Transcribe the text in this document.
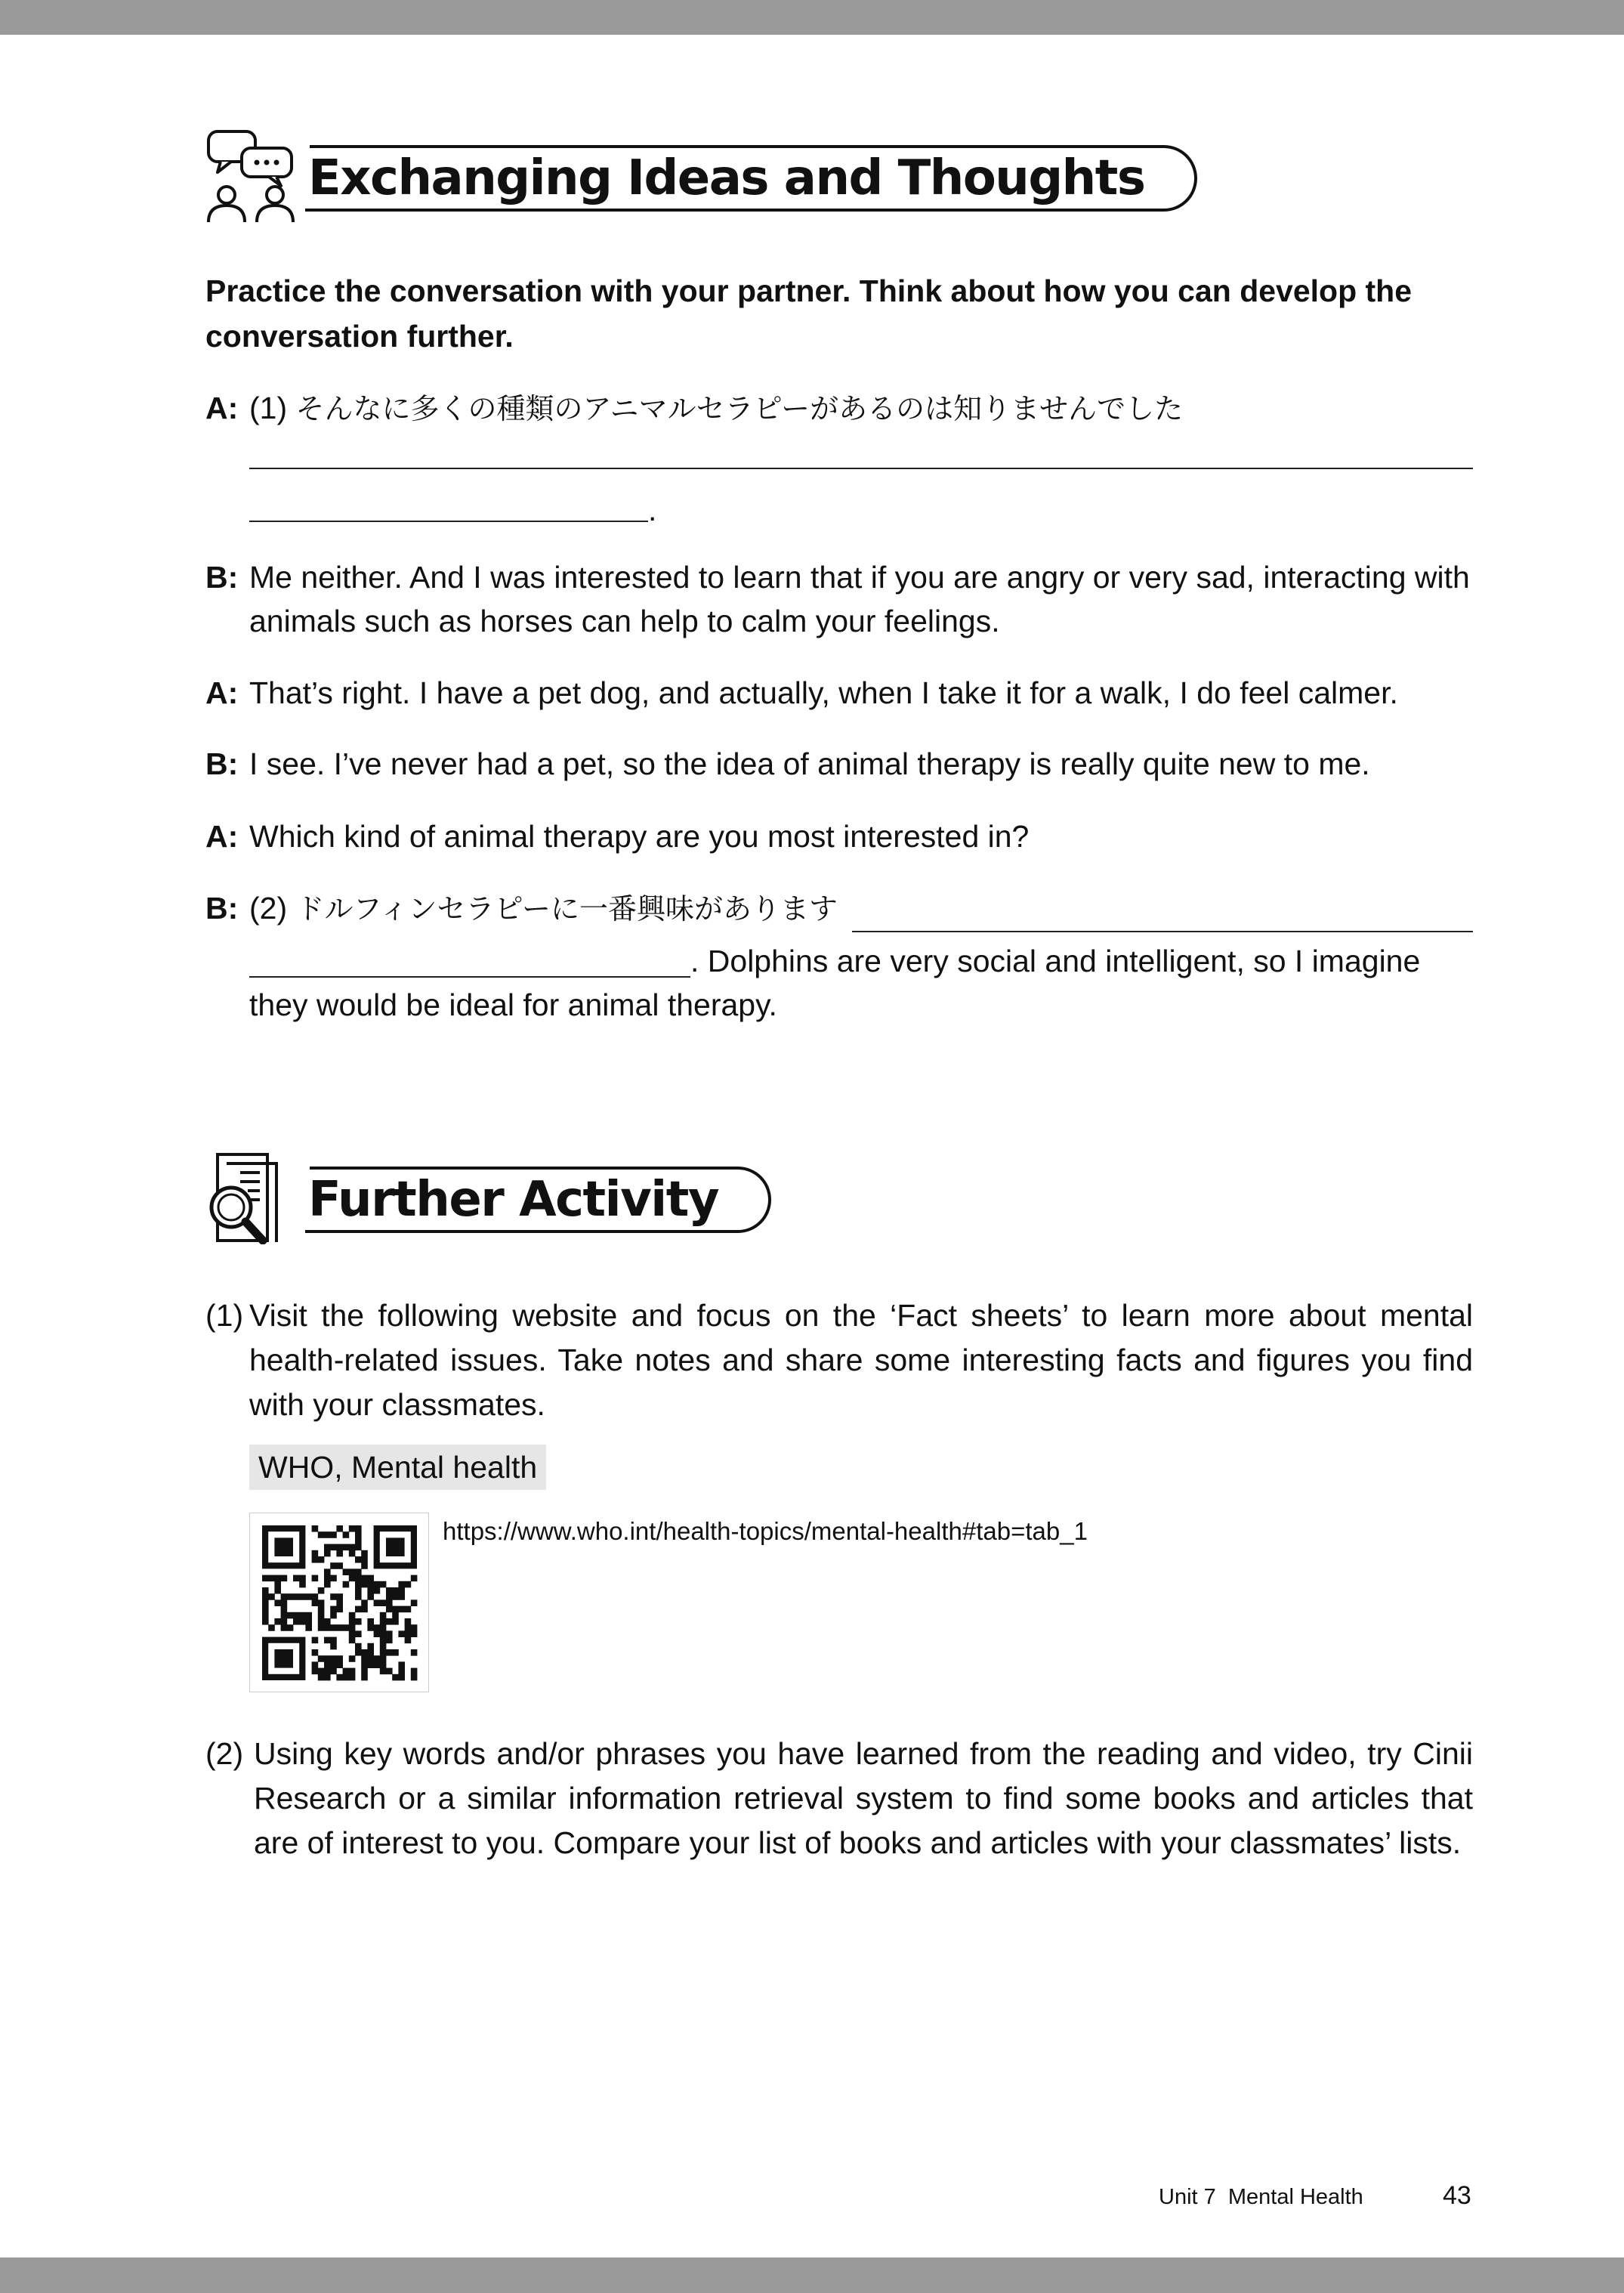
Exchanging Ideas and Thoughts
Practice the conversation with your partner. Think about how you can develop the conversation further.
A: (1) そんなに多くの種類のアニマルセラピーがあるのは知りませんでした
.
B: Me neither. And I was interested to learn that if you are angry or very sad, interacting with animals such as horses can help to calm your feelings.
A: That’s right. I have a pet dog, and actually, when I take it for a walk, I do feel calmer.
B: I see. I’ve never had a pet, so the idea of animal therapy is really quite new to me.
A: Which kind of animal therapy are you most interested in?
B: (2) ドルフィンセラピーに一番興味があります
. Dolphins are very social and intelligent, so I imagine they would be ideal for animal therapy.
Further Activity
(1) Visit the following website and focus on the ‘Fact sheets’ to learn more about mental health-related issues. Take notes and share some interesting facts and figures you find with your classmates.
WHO, Mental health
https://www.who.int/health-topics/mental-health#tab=tab_1
(2) Using key words and/or phrases you have learned from the reading and video, try Cinii Research or a similar information retrieval system to find some books and articles that are of interest to you. Compare your list of books and articles with your classmates’ lists.
Unit 7  Mental Health	43
